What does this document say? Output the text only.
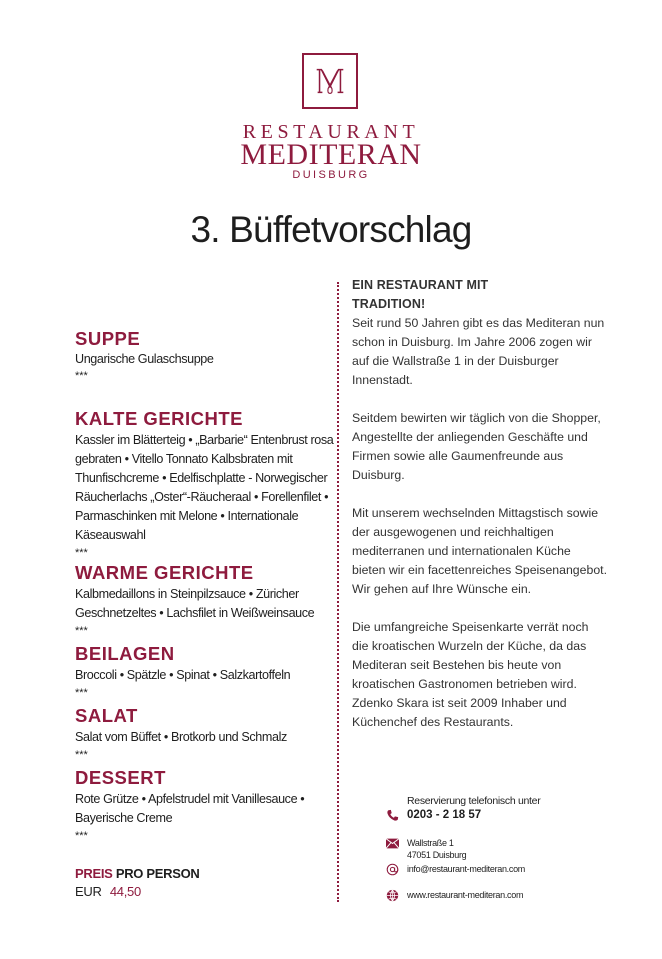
RESTAURANT
MEDITERAN
DUISBURG
3. Büffetvorschlag
SUPPE

Ungarische Gulaschsuppe

***

KALTE GERICHTE

Kassler im Blätterteig • „Barbarie“ Entenbrust rosa gebraten • Vitello Tonnato Kalbsbraten mit Thunfischcreme • Edelfischplatte - Norwegischer Räucherlachs „Oster“-Räucheraal • Forellenfilet • Parmaschinken mit Melone • Internationale Käseauswahl

***

WARME GERICHTE

Kalbmedaillons in Steinpilzsauce • Züricher Geschnetzeltes • Lachsfilet in Weißweinsauce

***

BEILAGEN

Broccoli • Spätzle • Spinat • Salzkartoffeln

***

SALAT

Salat vom Büffet • Brotkorb und Schmalz

***

DESSERT

Rote Grütze • Apfelstrudel mit Vanillesauce • Bayerische Creme

***

PREIS PRO PERSON
EUR 44,50
EIN RESTAURANT MIT
TRADITION!

Seit rund 50 Jahren gibt es das Mediteran nun schon in Duisburg. Im Jahre 2006 zogen wir auf die Wallstraße 1 in der Duisburger Innenstadt.

Seitdem bewirten wir täglich von die Shopper, Angestellte der anliegenden Geschäfte und Firmen sowie alle Gaumenfreunde aus Duisburg.

Mit unserem wechselnden Mittagstisch sowie der ausgewogenen und reichhaltigen mediterranen und internationalen Küche bieten wir ein facettenreiches Speisenangebot. Wir gehen auf Ihre Wünsche ein.

Die umfangreiche Speisenkarte verrät noch die kroatischen Wurzeln der Küche, da das Mediteran seit Bestehen bis heute von kroatischen Gastronomen betrieben wird. Zdenko Skara ist seit 2009 Inhaber und Küchenchef des Restaurants.

Reservierung telefonisch unter
0203 - 2 18 57
Wallstraße 1
47051 Duisburg
info@restaurant-mediteran.com
www.restaurant-mediteran.com
